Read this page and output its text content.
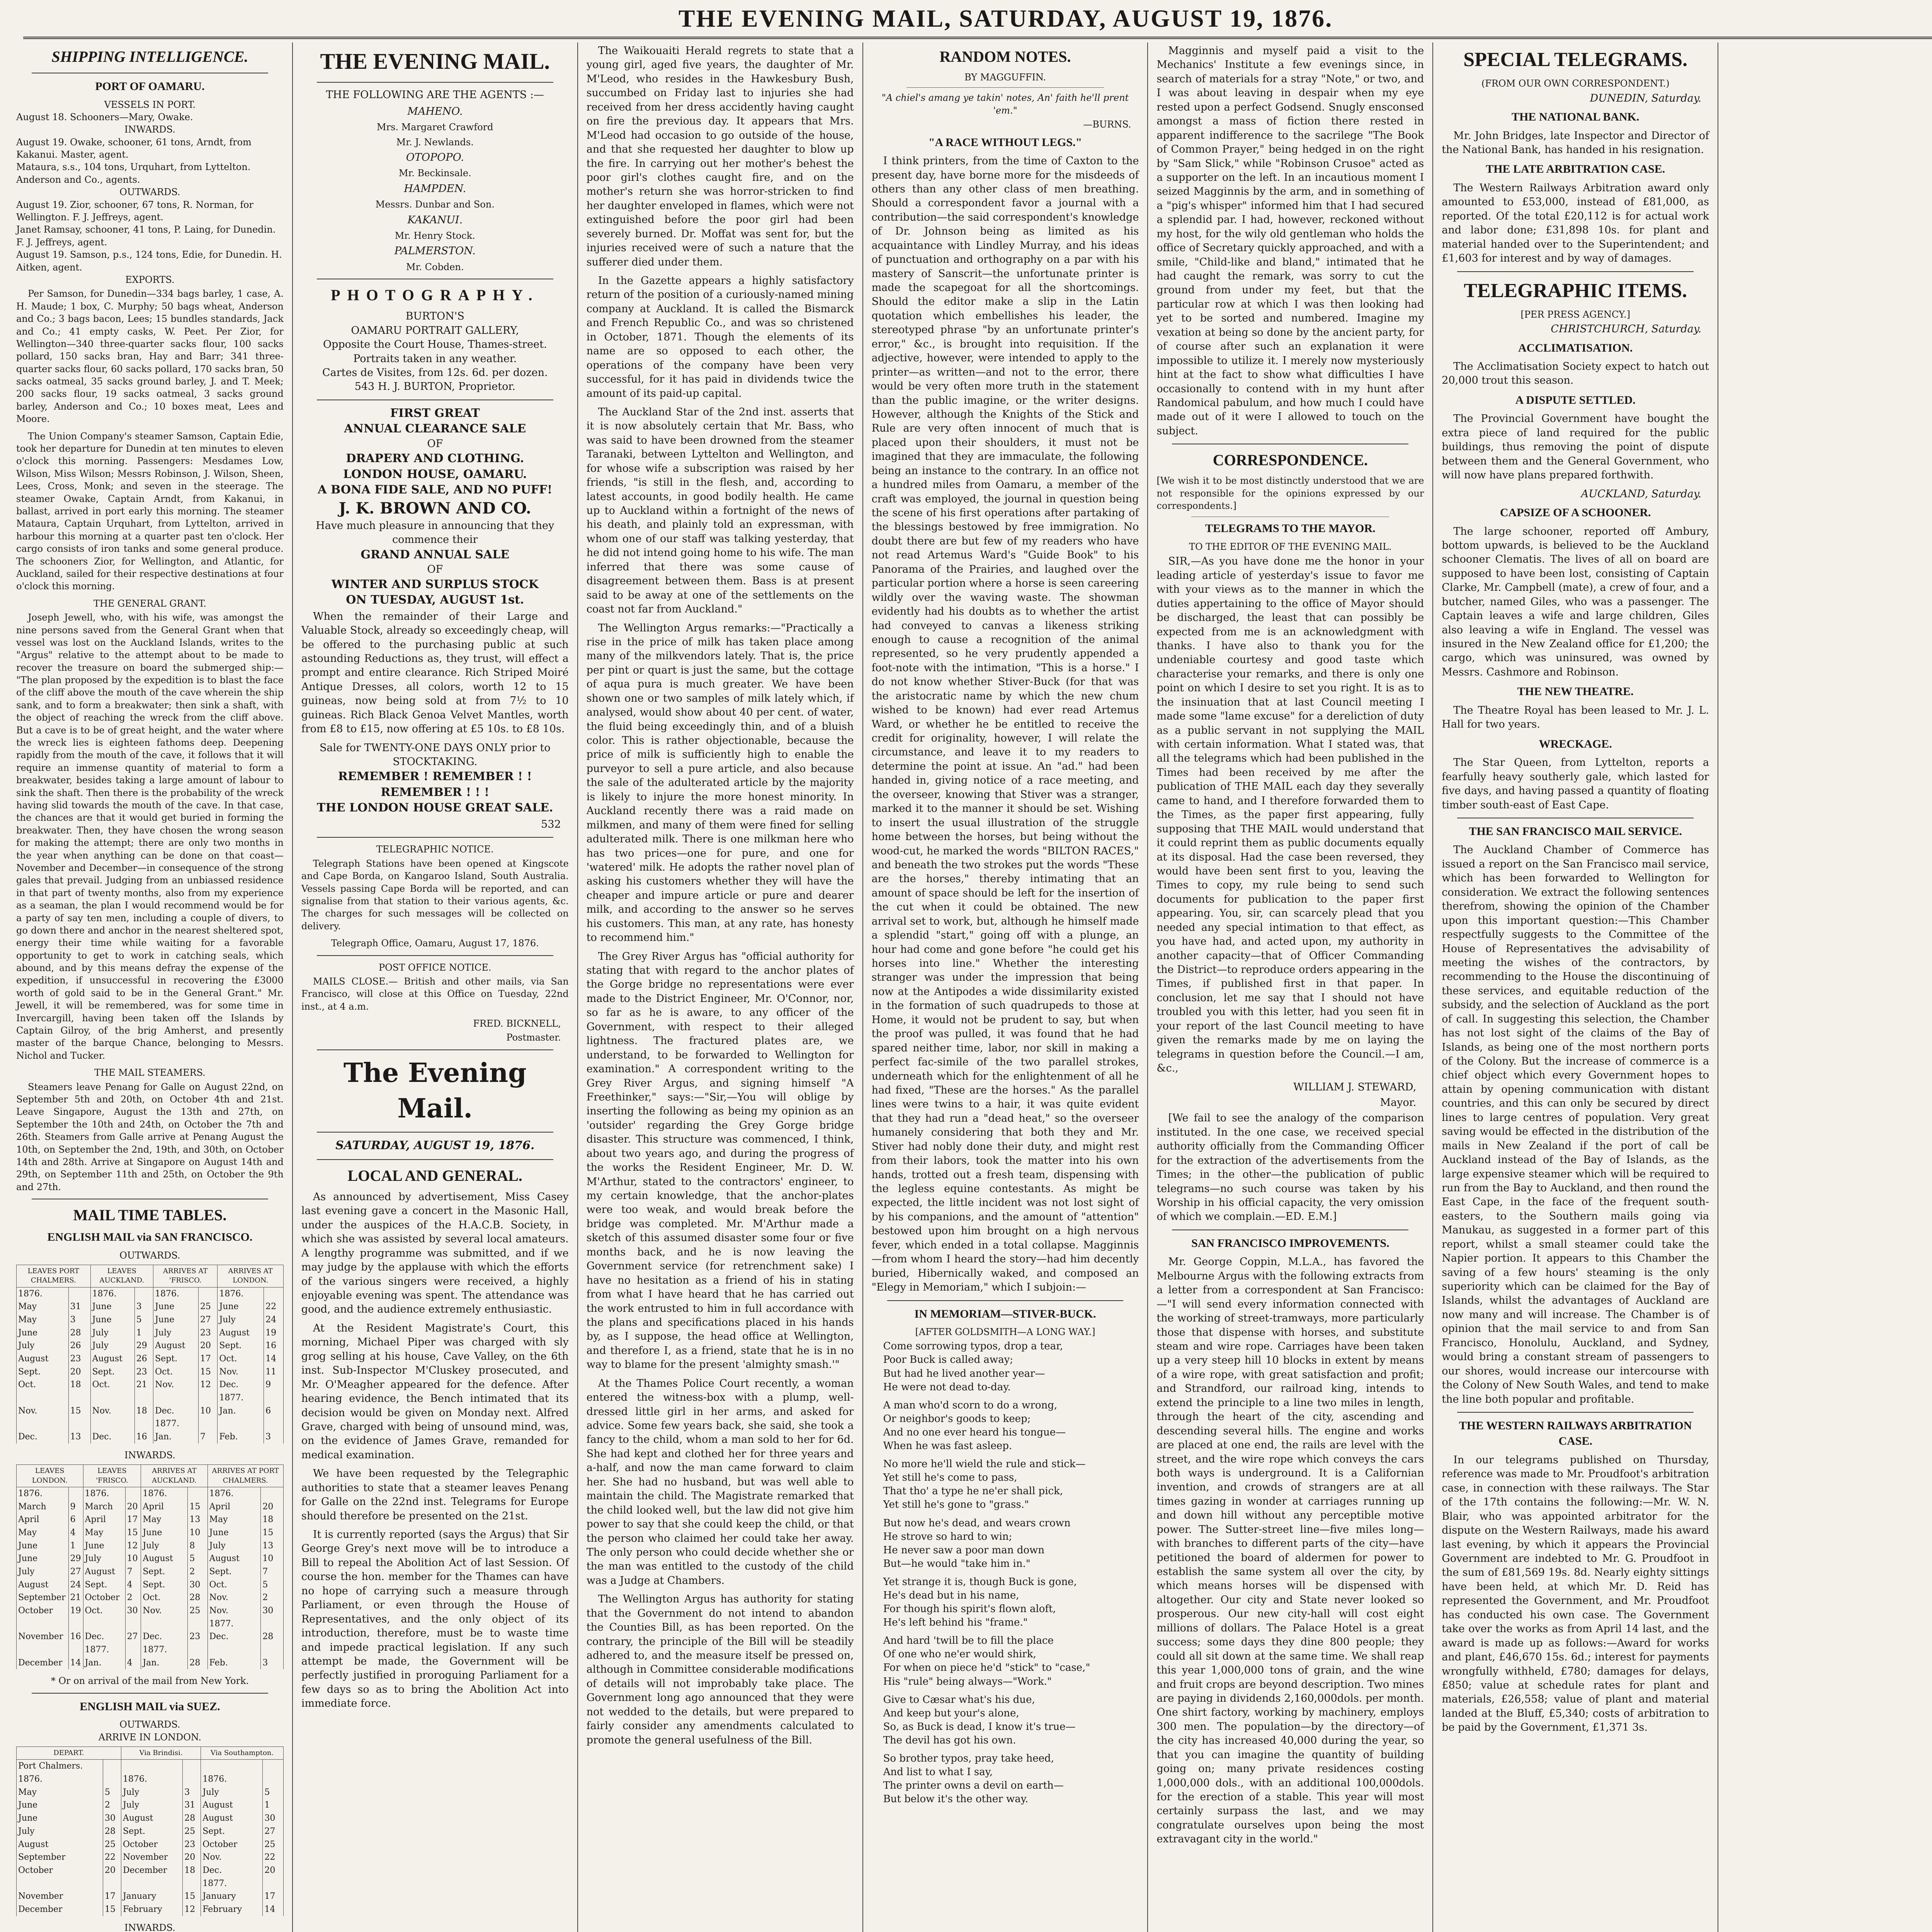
THE EVENING MAIL, SATURDAY, AUGUST 19, 1876.
SHIPPING INTELLIGENCE.
PORT OF OAMARU.
VESSELS IN PORT.
August 18. Schooners—Mary, Owake.
INWARDS.
August 19. Owake, schooner, 61 tons, Arndt, from Kakanui. Master, agent.
Mataura, s.s., 104 tons, Urquhart, from Lyttelton. Anderson and Co., agents.
OUTWARDS.
August 19. Zior, schooner, 67 tons, R. Norman, for Wellington. F. J. Jeffreys, agent.
Janet Ramsay, schooner, 41 tons, P. Laing, for Dunedin. F. J. Jeffreys, agent.
August 19. Samson, p.s., 124 tons, Edie, for Dunedin. H. Aitken, agent.
EXPORTS.
Per Samson, for Dunedin—334 bags barley, 1 case, A. H. Maude; 1 box, C. Murphy; 50 bags wheat, Anderson and Co.; 3 bags bacon, Lees; 15 bundles standards, Jack and Co.; 41 empty casks, W. Peet. Per Zior, for Wellington—340 three-quarter sacks flour, 100 sacks pollard, 150 sacks bran, Hay and Barr; 341 three-quarter sacks flour, 60 sacks pollard, 170 sacks bran, 50 sacks oatmeal, 35 sacks ground barley, J. and T. Meek; 200 sacks flour, 19 sacks oatmeal, 3 sacks ground barley, Anderson and Co.; 10 boxes meat, Lees and Moore.
The Union Company's steamer Samson, Captain Edie, took her departure for Dunedin at ten minutes to eleven o'clock this morning. Passengers: Mesdames Low, Wilson, Miss Wilson; Messrs Robinson, J. Wilson, Sheen, Lees, Cross, Monk; and seven in the steerage. The steamer Owake, Captain Arndt, from Kakanui, in ballast, arrived in port early this morning. The steamer Mataura, Captain Urquhart, from Lyttelton, arrived in harbour this morning at a quarter past ten o'clock. Her cargo consists of iron tanks and some general produce. The schooners Zior, for Wellington, and Atlantic, for Auckland, sailed for their respective destinations at four o'clock this morning.
THE GENERAL GRANT.
Joseph Jewell, who, with his wife, was amongst the nine persons saved from the General Grant when that vessel was lost on the Auckland Islands, writes to the "Argus" relative to the attempt about to be made to recover the treasure on board the submerged ship:— "The plan proposed by the expedition is to blast the face of the cliff above the mouth of the cave wherein the ship sank, and to form a breakwater; then sink a shaft, with the object of reaching the wreck from the cliff above. But a cave is to be of great height, and the water where the wreck lies is eighteen fathoms deep. Deepening rapidly from the mouth of the cave, it follows that it will require an immense quantity of material to form a breakwater, besides taking a large amount of labour to sink the shaft. Then there is the probability of the wreck having slid towards the mouth of the cave. In that case, the chances are that it would get buried in forming the breakwater. Then, they have chosen the wrong season for making the attempt; there are only two months in the year when anything can be done on that coast—November and December—in consequence of the strong gales that prevail. Judging from an unbiassed residence in that part of twenty months, also from my experience as a seaman, the plan I would recommend would be for a party of say ten men, including a couple of divers, to go down there and anchor in the nearest sheltered spot, energy their time while waiting for a favorable opportunity to get to work in catching seals, which abound, and by this means defray the expense of the expedition, if unsuccessful in recovering the £3000 worth of gold said to be in the General Grant." Mr. Jewell, it will be remembered, was for some time in Invercargill, having been taken off the Islands by Captain Gilroy, of the brig Amherst, and presently master of the barque Chance, belonging to Messrs. Nichol and Tucker.
THE MAIL STEAMERS.
Steamers leave Penang for Galle on August 22nd, on September 5th and 20th, on October 4th and 21st. Leave Singapore, August the 13th and 27th, on September the 10th and 24th, on October the 7th and 26th. Steamers from Galle arrive at Penang August the 10th, on September the 2nd, 19th, and 30th, on October 14th and 28th. Arrive at Singapore on August 14th and 29th, on September 11th and 25th, on October the 9th and 27th.
MAIL TIME TABLES.
ENGLISH MAIL via SAN FRANCISCO.
OUTWARDS.
LEAVES PORT CHALMERS.		LEAVES AUCKLAND.		ARRIVES AT 'FRISCO.		ARRIVES AT LONDON.	
1876.		1876.		1876.		1876.	
May	31	June	3	June	25	June	22
May	3	June	5	June	27	July	24
June	28	July	1	July	23	August	19
July	26	July	29	August	20	Sept.	16
August	23	August	26	Sept.	17	Oct.	14
Sept.	20	Sept.	23	Oct.	15	Nov.	11
Oct.	18	Oct.	21	Nov.	12	Dec.	9
						1877.	
Nov.	15	Nov.	18	Dec.	10	Jan.	6
				1877.			
Dec.	13	Dec.	16	Jan.	7	Feb.	3
INWARDS.
LEAVES LONDON.		LEAVES 'FRISCO.		ARRIVES AT AUCKLAND.		ARRIVES AT PORT CHALMERS.	
1876.		1876.		1876.		1876.	
March	9	March	20	April	15	April	20
April	6	April	17	May	13	May	18
May	4	May	15	June	10	June	15
June	1	June	12	July	8	July	13
June	29	July	10	August	5	August	10
July	27	August	7	Sept.	2	Sept.	7
August	24	Sept.	4	Sept.	30	Oct.	5
September	21	October	2	Oct.	28	Nov.	2
October	19	Oct.	30	Nov.	25	Nov.	30
						1877.	
November	16	Dec.	27	Dec.	23	Dec.	28
		1877.		1877.			
December	14	Jan.	4	Jan.	28	Feb.	3
* Or on arrival of the mail from New York.
ENGLISH MAIL via SUEZ.
OUTWARDS.
ARRIVE IN LONDON.
DEPART.		Via Brindisi.		Via Southampton.	
Port Chalmers.					
1876.		1876.		1876.	
May	5	July	3	July	5
June	2	July	31	August	1
June	30	August	28	August	30
July	28	Sept.	25	Sept.	27
August	25	October	23	October	25
September	22	November	20	Nov.	22
October	20	December	18	Dec.	20
				1877.	
November	17	January	15	January	17
December	15	February	12	February	14
INWARDS.

THE EVENING MAIL.
THE FOLLOWING ARE THE AGENTS :—
MAHENO.
Mrs. Margaret Crawford
Mr. J. Newlands.
OTOPOPO.
Mr. Beckinsale.
HAMPDEN.
Messrs. Dunbar and Son.
KAKANUI.
Mr. Henry Stock.
PALMERSTON.
Mr. Cobden.
PHOTOGRAPHY.
BURTON'S
OAMARU PORTRAIT GALLERY,
Opposite the Court House, Thames-street.
Portraits taken in any weather.
Cartes de Visites, from 12s. 6d. per dozen.
543 H. J. BURTON, Proprietor.
FIRST GREAT
ANNUAL CLEARANCE SALE
OF
DRAPERY AND CLOTHING.
LONDON HOUSE, OAMARU.
A BONA FIDE SALE, AND NO PUFF!
J. K. BROWN AND CO.
Have much pleasure in announcing that they commence their
GRAND ANNUAL SALE
OF
WINTER AND SURPLUS STOCK
ON TUESDAY, AUGUST 1st.
When the remainder of their Large and Valuable Stock, already so exceedingly cheap, will be offered to the purchasing public at such astounding Reductions as, they trust, will effect a prompt and entire clearance. Rich Striped Moiré Antique Dresses, all colors, worth 12 to 15 guineas, now being sold at from 7½ to 10 guineas. Rich Black Genoa Velvet Mantles, worth from £8 to £15, now offering at £5 10s. to £8 10s.
Sale for TWENTY-ONE DAYS ONLY prior to STOCKTAKING.
REMEMBER ! REMEMBER ! !
REMEMBER ! ! !
THE LONDON HOUSE GREAT SALE.
532
TELEGRAPHIC NOTICE.
Telegraph Stations have been opened at Kingscote and Cape Borda, on Kangaroo Island, South Australia. Vessels passing Cape Borda will be reported, and can signalise from that station to their various agents, &c. The charges for such messages will be collected on delivery.
Telegraph Office, Oamaru, August 17, 1876.
POST OFFICE NOTICE.
MAILS CLOSE.— British and other mails, via San Francisco, will close at this Office on Tuesday, 22nd inst., at 4 a.m.
FRED. BICKNELL,
Postmaster.
The Evening Mail.
SATURDAY, AUGUST 19, 1876.
LOCAL AND GENERAL.
As announced by advertisement, Miss Casey last evening gave a concert in the Masonic Hall, under the auspices of the H.A.C.B. Society, in which she was assisted by several local amateurs. A lengthy programme was submitted, and if we may judge by the applause with which the efforts of the various singers were received, a highly enjoyable evening was spent. The attendance was good, and the audience extremely enthusiastic.
At the Resident Magistrate's Court, this morning, Michael Piper was charged with sly grog selling at his house, Cave Valley, on the 6th inst. Sub-Inspector M'Cluskey prosecuted, and Mr. O'Meagher appeared for the defence. After hearing evidence, the Bench intimated that its decision would be given on Monday next. Alfred Grave, charged with being of unsound mind, was, on the evidence of James Grave, remanded for medical examination.
We have been requested by the Telegraphic authorities to state that a steamer leaves Penang for Galle on the 22nd inst. Telegrams for Europe should therefore be presented on the 21st.
It is currently reported (says the Argus) that Sir George Grey's next move will be to introduce a Bill to repeal the Abolition Act of last Session. Of course the hon. member for the Thames can have no hope of carrying such a measure through Parliament, or even through the House of Representatives, and the only object of its introduction, therefore, must be to waste time and impede practical legislation. If any such attempt be made, the Government will be perfectly justified in proroguing Parliament for a few days so as to bring the Abolition Act into immediate force.
The Waikouaiti Herald regrets to state that a young girl, aged five years, the daughter of Mr. M'Leod, who resides in the Hawkesbury Bush, succumbed on Friday last to injuries she had received from her dress accidently having caught on fire the previous day. It appears that Mrs. M'Leod had occasion to go outside of the house, and that she requested her daughter to blow up the fire. In carrying out her mother's behest the poor girl's clothes caught fire, and on the mother's return she was horror-stricken to find her daughter enveloped in flames, which were not extinguished before the poor girl had been severely burned. Dr. Moffat was sent for, but the injuries received were of such a nature that the sufferer died under them.
In the Gazette appears a highly satisfactory return of the position of a curiously-named mining company at Auckland. It is called the Bismarck and French Republic Co., and was so christened in October, 1871. Though the elements of its name are so opposed to each other, the operations of the company have been very successful, for it has paid in dividends twice the amount of its paid-up capital.
The Auckland Star of the 2nd inst. asserts that it is now absolutely certain that Mr. Bass, who was said to have been drowned from the steamer Taranaki, between Lyttelton and Wellington, and for whose wife a subscription was raised by her friends, "is still in the flesh, and, according to latest accounts, in good bodily health. He came up to Auckland within a fortnight of the news of his death, and plainly told an expressman, with whom one of our staff was talking yesterday, that he did not intend going home to his wife. The man inferred that there was some cause of disagreement between them. Bass is at present said to be away at one of the settlements on the coast not far from Auckland."
The Wellington Argus remarks:—"Practically a rise in the price of milk has taken place among many of the milkvendors lately. That is, the price per pint or quart is just the same, but the cottage of aqua pura is much greater. We have been shown one or two samples of milk lately which, if analysed, would show about 40 per cent. of water, the fluid being exceedingly thin, and of a bluish color. This is rather objectionable, because the price of milk is sufficiently high to enable the purveyor to sell a pure article, and also because the sale of the adulterated article by the majority is likely to injure the more honest minority. In Auckland recently there was a raid made on milkmen, and many of them were fined for selling adulterated milk. There is one milkman here who has two prices—one for pure, and one for 'watered' milk. He adopts the rather novel plan of asking his customers whether they will have the cheaper and impure article or pure and dearer milk, and according to the answer so he serves his customers. This man, at any rate, has honesty to recommend him."
The Grey River Argus has "official authority for stating that with regard to the anchor plates of the Gorge bridge no representations were ever made to the District Engineer, Mr. O'Connor, nor, so far as he is aware, to any officer of the Government, with respect to their alleged lightness. The fractured plates are, we understand, to be forwarded to Wellington for examination." A correspondent writing to the Grey River Argus, and signing himself "A Freethinker," says:—"Sir,—You will oblige by inserting the following as being my opinion as an 'outsider' regarding the Grey Gorge bridge disaster. This structure was commenced, I think, about two years ago, and during the progress of the works the Resident Engineer, Mr. D. W. M'Arthur, stated to the contractors' engineer, to my certain knowledge, that the anchor-plates were too weak, and would break before the bridge was completed. Mr. M'Arthur made a sketch of this assumed disaster some four or five months back, and he is now leaving the Government service (for retrenchment sake) I have no hesitation as a friend of his in stating from what I have heard that he has carried out the work entrusted to him in full accordance with the plans and specifications placed in his hands by, as I suppose, the head office at Wellington, and therefore I, as a friend, state that he is in no way to blame for the present 'almighty smash.'"
At the Thames Police Court recently, a woman entered the witness-box with a plump, well-dressed little girl in her arms, and asked for advice. Some few years back, she said, she took a fancy to the child, whom a man sold to her for 6d. She had kept and clothed her for three years and a-half, and now the man came forward to claim her. She had no husband, but was well able to maintain the child. The Magistrate remarked that the child looked well, but the law did not give him power to say that she could keep the child, or that the person who claimed her could take her away. The only person who could decide whether she or the man was entitled to the custody of the child was a Judge at Chambers.
The Wellington Argus has authority for stating that the Government do not intend to abandon the Counties Bill, as has been reported. On the contrary, the principle of the Bill will be steadily adhered to, and the measure itself be pressed on, although in Committee considerable modifications of details will not improbably take place. The Government long ago announced that they were not wedded to the details, but were prepared to fairly consider any amendments calculated to promote the general usefulness of the Bill.
RANDOM NOTES.
BY MAGGUFFIN.
"A chiel's amang ye takin' notes, An' faith he'll prent 'em."
—BURNS.
"A RACE WITHOUT LEGS."
I think printers, from the time of Caxton to the present day, have borne more for the misdeeds of others than any other class of men breathing. Should a correspondent favor a journal with a contribution—the said correspondent's knowledge of Dr. Johnson being as limited as his acquaintance with Lindley Murray, and his ideas of punctuation and orthography on a par with his mastery of Sanscrit—the unfortunate printer is made the scapegoat for all the shortcomings. Should the editor make a slip in the Latin quotation which embellishes his leader, the stereotyped phrase "by an unfortunate printer's error," &c., is brought into requisition. If the adjective, however, were intended to apply to the printer—as written—and not to the error, there would be very often more truth in the statement than the public imagine, or the writer designs. However, although the Knights of the Stick and Rule are very often innocent of much that is placed upon their shoulders, it must not be imagined that they are immaculate, the following being an instance to the contrary. In an office not a hundred miles from Oamaru, a member of the craft was employed, the journal in question being the scene of his first operations after partaking of the blessings bestowed by free immigration. No doubt there are but few of my readers who have not read Artemus Ward's "Guide Book" to his Panorama of the Prairies, and laughed over the particular portion where a horse is seen careering wildly over the waving waste. The showman evidently had his doubts as to whether the artist had conveyed to canvas a likeness striking enough to cause a recognition of the animal represented, so he very prudently appended a foot-note with the intimation, "This is a horse." I do not know whether Stiver-Buck (for that was the aristocratic name by which the new chum wished to be known) had ever read Artemus Ward, or whether he be entitled to receive the credit for originality, however, I will relate the circumstance, and leave it to my readers to determine the point at issue. An "ad." had been handed in, giving notice of a race meeting, and the overseer, knowing that Stiver was a stranger, marked it to the manner it should be set. Wishing to insert the usual illustration of the struggle home between the horses, but being without the wood-cut, he marked the words "BILTON RACES," and beneath the two strokes put the words "These are the horses," thereby intimating that an amount of space should be left for the insertion of the cut when it could be obtained. The new arrival set to work, but, although he himself made a splendid "start," going off with a plunge, an hour had come and gone before "he could get his horses into line." Whether the interesting stranger was under the impression that being now at the Antipodes a wide dissimilarity existed in the formation of such quadrupeds to those at Home, it would not be prudent to say, but when the proof was pulled, it was found that he had spared neither time, labor, nor skill in making a perfect fac-simile of the two parallel strokes, underneath which for the enlightenment of all he had fixed, "These are the horses." As the parallel lines were twins to a hair, it was quite evident that they had run a "dead heat," so the overseer humanely considering that both they and Mr. Stiver had nobly done their duty, and might rest from their labors, took the matter into his own hands, trotted out a fresh team, dispensing with the legless equine contestants. As might be expected, the little incident was not lost sight of by his companions, and the amount of "attention" bestowed upon him brought on a high nervous fever, which ended in a total collapse. Magginnis—from whom I heard the story—had him decently buried, Hibernically waked, and composed an "Elegy in Memoriam," which I subjoin:—
IN MEMORIAM—STIVER-BUCK.
[AFTER GOLDSMITH—A LONG WAY.]
Come sorrowing typos, drop a tear,
Poor Buck is called away;
But had he lived another year—
He were not dead to-day.
A man who'd scorn to do a wrong,
Or neighbor's goods to keep;
And no one ever heard his tongue—
When he was fast asleep.
No more he'll wield the rule and stick—
Yet still he's come to pass,
That tho' a type he ne'er shall pick,
Yet still he's gone to "grass."
But now he's dead, and wears crown
He strove so hard to win;
He never saw a poor man down
But—he would "take him in."
Yet strange it is, though Buck is gone,
He's dead but in his name,
For though his spirit's flown aloft,
He's left behind his "frame."
And hard 'twill be to fill the place
Of one who ne'er would shirk,
For when on piece he'd "stick" to "case,"
His "rule" being always—"Work."
Give to Cæsar what's his due,
And keep but your's alone,
So, as Buck is dead, I know it's true—
The devil has got his own.
So brother typos, pray take heed,
And list to what I say,
The printer owns a devil on earth—
But below it's the other way.
Magginnis and myself paid a visit to the Mechanics' Institute a few evenings since, in search of materials for a stray "Note," or two, and I was about leaving in despair when my eye rested upon a perfect Godsend. Snugly ensconsed amongst a mass of fiction there rested in apparent indifference to the sacrilege "The Book of Common Prayer," being hedged in on the right by "Sam Slick," while "Robinson Crusoe" acted as a supporter on the left. In an incautious moment I seized Magginnis by the arm, and in something of a "pig's whisper" informed him that I had secured a splendid par. I had, however, reckoned without my host, for the wily old gentleman who holds the office of Secretary quickly approached, and with a smile, "Child-like and bland," intimated that he had caught the remark, was sorry to cut the ground from under my feet, but that the particular row at which I was then looking had yet to be sorted and numbered. Imagine my vexation at being so done by the ancient party, for of course after such an explanation it were impossible to utilize it. I merely now mysteriously hint at the fact to show what difficulties I have occasionally to contend with in my hunt after Randomical pabulum, and how much I could have made out of it were I allowed to touch on the subject.
CORRESPONDENCE.
[We wish it to be most distinctly understood that we are not responsible for the opinions expressed by our correspondents.]
TELEGRAMS TO THE MAYOR.
TO THE EDITOR OF THE EVENING MAIL.
SIR,—As you have done me the honor in your leading article of yesterday's issue to favor me with your views as to the manner in which the duties appertaining to the office of Mayor should be discharged, the least that can possibly be expected from me is an acknowledgment with thanks. I have also to thank you for the undeniable courtesy and good taste which characterise your remarks, and there is only one point on which I desire to set you right. It is as to the insinuation that at last Council meeting I made some "lame excuse" for a dereliction of duty as a public servant in not supplying the MAIL with certain information. What I stated was, that all the telegrams which had been published in the Times had been received by me after the publication of THE MAIL each day they severally came to hand, and I therefore forwarded them to the Times, as the paper first appearing, fully supposing that THE MAIL would understand that it could reprint them as public documents equally at its disposal. Had the case been reversed, they would have been sent first to you, leaving the Times to copy, my rule being to send such documents for publication to the paper first appearing. You, sir, can scarcely plead that you needed any special intimation to that effect, as you have had, and acted upon, my authority in another capacity—that of Officer Commanding the District—to reproduce orders appearing in the Times, if published first in that paper. In conclusion, let me say that I should not have troubled you with this letter, had you seen fit in your report of the last Council meeting to have given the remarks made by me on laying the telegrams in question before the Council.—I am, &c.,
WILLIAM J. STEWARD,
Mayor.
[We fail to see the analogy of the comparison instituted. In the one case, we received special authority officially from the Commanding Officer for the extraction of the advertisements from the Times; in the other—the publication of public telegrams—no such course was taken by his Worship in his official capacity, the very omission of which we complain.—ED. E.M.]
SAN FRANCISCO IMPROVEMENTS.
Mr. George Coppin, M.L.A., has favored the Melbourne Argus with the following extracts from a letter from a correspondent at San Francisco:—"I will send every information connected with the working of street-tramways, more particularly those that dispense with horses, and substitute steam and wire rope. Carriages have been taken up a very steep hill 10 blocks in extent by means of a wire rope, with great satisfaction and profit; and Strandford, our railroad king, intends to extend the principle to a line two miles in length, through the heart of the city, ascending and descending several hills. The engine and works are placed at one end, the rails are level with the street, and the wire rope which conveys the cars both ways is underground. It is a Californian invention, and crowds of strangers are at all times gazing in wonder at carriages running up and down hill without any perceptible motive power. The Sutter-street line—five miles long—with branches to different parts of the city—have petitioned the board of aldermen for power to establish the same system all over the city, by which means horses will be dispensed with altogether. Our city and State never looked so prosperous. Our new city-hall will cost eight millions of dollars. The Palace Hotel is a great success; some days they dine 800 people; they could all sit down at the same time. We shall reap this year 1,000,000 tons of grain, and the wine and fruit crops are beyond description. Two mines are paying in dividends 2,160,000dols. per month. One shirt factory, working by machinery, employs 300 men. The population—by the directory—of the city has increased 40,000 during the year, so that you can imagine the quantity of building going on; many private residences costing 1,000,000 dols., with an additional 100,000dols. for the erection of a stable. This year will most certainly surpass the last, and we may congratulate ourselves upon being the most extravagant city in the world."
SPECIAL TELEGRAMS.
(FROM OUR OWN CORRESPONDENT.)
DUNEDIN, Saturday.
THE NATIONAL BANK.
Mr. John Bridges, late Inspector and Director of the National Bank, has handed in his resignation.
THE LATE ARBITRATION CASE.
The Western Railways Arbitration award only amounted to £53,000, instead of £81,000, as reported. Of the total £20,112 is for actual work and labor done; £31,898 10s. for plant and material handed over to the Superintendent; and £1,603 for interest and by way of damages.
TELEGRAPHIC ITEMS.
[PER PRESS AGENCY.]
CHRISTCHURCH, Saturday.
ACCLIMATISATION.
The Acclimatisation Society expect to hatch out 20,000 trout this season.
A DISPUTE SETTLED.
The Provincial Government have bought the extra piece of land required for the public buildings, thus removing the point of dispute between them and the General Government, who will now have plans prepared forthwith.
AUCKLAND, Saturday.
CAPSIZE OF A SCHOONER.
The large schooner, reported off Ambury, bottom upwards, is believed to be the Auckland schooner Clematis. The lives of all on board are supposed to have been lost, consisting of Captain Clarke, Mr. Campbell (mate), a crew of four, and a butcher, named Giles, who was a passenger. The Captain leaves a wife and large children, Giles also leaving a wife in England. The vessel was insured in the New Zealand office for £1,200; the cargo, which was uninsured, was owned by Messrs. Cashmore and Robinson.
THE NEW THEATRE.
The Theatre Royal has been leased to Mr. J. L. Hall for two years.
WRECKAGE.
The Star Queen, from Lyttelton, reports a fearfully heavy southerly gale, which lasted for five days, and having passed a quantity of floating timber south-east of East Cape.
THE SAN FRANCISCO MAIL SERVICE.
The Auckland Chamber of Commerce has issued a report on the San Francisco mail service, which has been forwarded to Wellington for consideration. We extract the following sentences therefrom, showing the opinion of the Chamber upon this important question:—This Chamber respectfully suggests to the Committee of the House of Representatives the advisability of meeting the wishes of the contractors, by recommending to the House the discontinuing of these services, and equitable reduction of the subsidy, and the selection of Auckland as the port of call. In suggesting this selection, the Chamber has not lost sight of the claims of the Bay of Islands, as being one of the most northern ports of the Colony. But the increase of commerce is a chief object which every Government hopes to attain by opening communication with distant countries, and this can only be secured by direct lines to large centres of population. Very great saving would be effected in the distribution of the mails in New Zealand if the port of call be Auckland instead of the Bay of Islands, as the large expensive steamer which will be required to run from the Bay to Auckland, and then round the East Cape, in the face of the frequent south-easters, to the Southern mails going via Manukau, as suggested in a former part of this report, whilst a small steamer could take the Napier portion. It appears to this Chamber the saving of a few hours' steaming is the only superiority which can be claimed for the Bay of Islands, whilst the advantages of Auckland are now many and will increase. The Chamber is of opinion that the mail service to and from San Francisco, Honolulu, Auckland, and Sydney, would bring a constant stream of passengers to our shores, would increase our intercourse with the Colony of New South Wales, and tend to make the line both popular and profitable.
THE WESTERN RAILWAYS ARBITRATION CASE.
In our telegrams published on Thursday, reference was made to Mr. Proudfoot's arbitration case, in connection with these railways. The Star of the 17th contains the following:—Mr. W. N. Blair, who was appointed arbitrator for the dispute on the Western Railways, made his award last evening, by which it appears the Provincial Government are indebted to Mr. G. Proudfoot in the sum of £81,569 19s. 8d. Nearly eighty sittings have been held, at which Mr. D. Reid has represented the Government, and Mr. Proudfoot has conducted his own case. The Government take over the works as from April 14 last, and the award is made up as follows:—Award for works and plant, £46,670 15s. 6d.; interest for payments wrongfully withheld, £780; damages for delays, £850; value at schedule rates for plant and materials, £26,558; value of plant and material landed at the Bluff, £5,340; costs of arbitration to be paid by the Government, £1,371 3s.
